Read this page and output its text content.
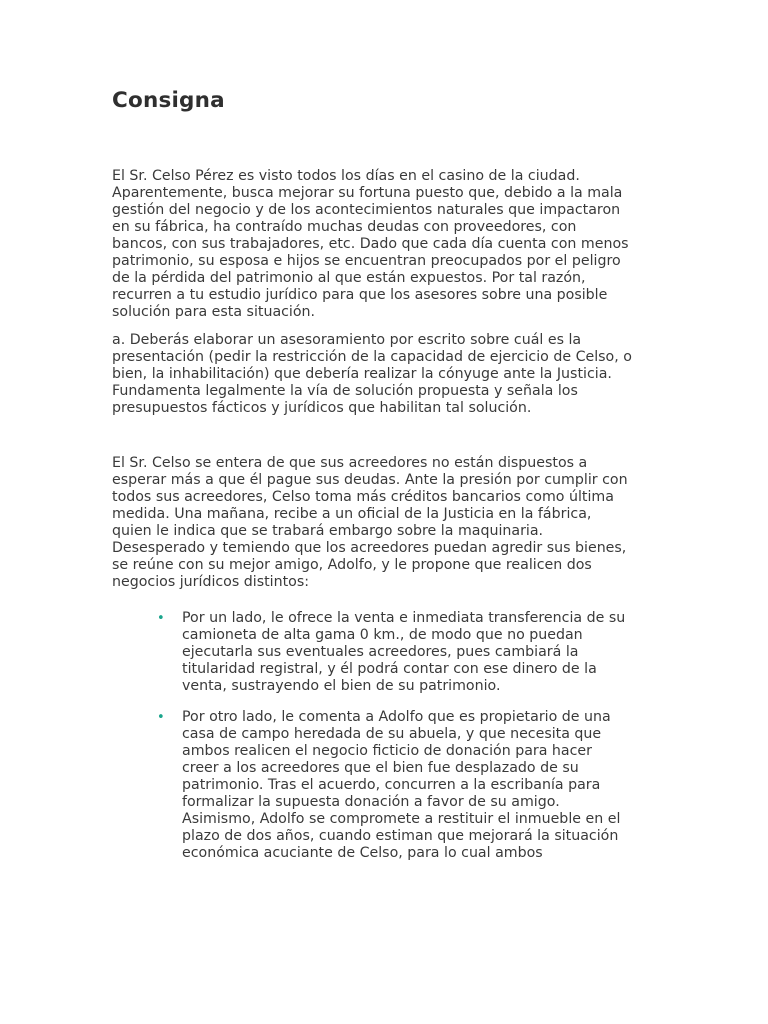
Consigna

El Sr. Celso Pérez es visto todos los días en el casino de la ciudad. Aparentemente, busca mejorar su fortuna puesto que, debido a la mala gestión del negocio y de los acontecimientos naturales que impactaron en su fábrica, ha contraído muchas deudas con proveedores, con bancos, con sus trabajadores, etc. Dado que cada día cuenta con menos patrimonio, su esposa e hijos se encuentran preocupados por el peligro de la pérdida del patrimonio al que están expuestos. Por tal razón, recurren a tu estudio jurídico para que los asesores sobre una posible solución para esta situación.

a. Deberás elaborar un asesoramiento por escrito sobre cuál es la presentación (pedir la restricción de la capacidad de ejercicio de Celso, o bien, la inhabilitación) que debería realizar la cónyuge ante la Justicia. Fundamenta legalmente la vía de solución propuesta y señala los presupuestos fácticos y jurídicos que habilitan tal solución.

El Sr. Celso se entera de que sus acreedores no están dispuestos a esperar más a que él pague sus deudas. Ante la presión por cumplir con todos sus acreedores, Celso toma más créditos bancarios como última medida. Una mañana, recibe a un oficial de la Justicia en la fábrica, quien le indica que se trabará embargo sobre la maquinaria. Desesperado y temiendo que los acreedores puedan agredir sus bienes, se reúne con su mejor amigo, Adolfo, y le propone que realicen dos negocios jurídicos distintos:

• Por un lado, le ofrece la venta e inmediata transferencia de su camioneta de alta gama 0 km., de modo que no puedan ejecutarla sus eventuales acreedores, pues cambiará la titularidad registral, y él podrá contar con ese dinero de la venta, sustrayendo el bien de su patrimonio.
• Por otro lado, le comenta a Adolfo que es propietario de una casa de campo heredada de su abuela, y que necesita que ambos realicen el negocio ficticio de donación para hacer creer a los acreedores que el bien fue desplazado de su patrimonio. Tras el acuerdo, concurren a la escribanía para formalizar la supuesta donación a favor de su amigo. Asimismo, Adolfo se compromete a restituir el inmueble en el plazo de dos años, cuando estiman que mejorará la situación económica acuciante de Celso, para lo cual ambos
